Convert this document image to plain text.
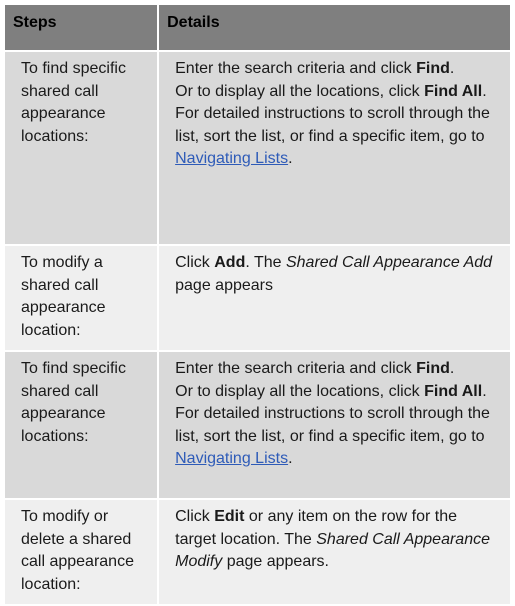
Steps	Details
To find specific shared call appearance locations:	Enter the search criteria and click Find.
Or to display all the locations, click Find All.
For detailed instructions to scroll through the list, sort the list, or find a specific item, go to Navigating Lists.
To modify a shared call appearance location:	Click Add. The Shared Call Appearance Add page appears
To find specific shared call appearance locations:	Enter the search criteria and click Find.
Or to display all the locations, click Find All.
For detailed instructions to scroll through the list, sort the list, or find a specific item, go to Navigating Lists.
To modify or delete a shared call appearance location:	Click Edit or any item on the row for the target location. The Shared Call Appearance Modify page appears.
